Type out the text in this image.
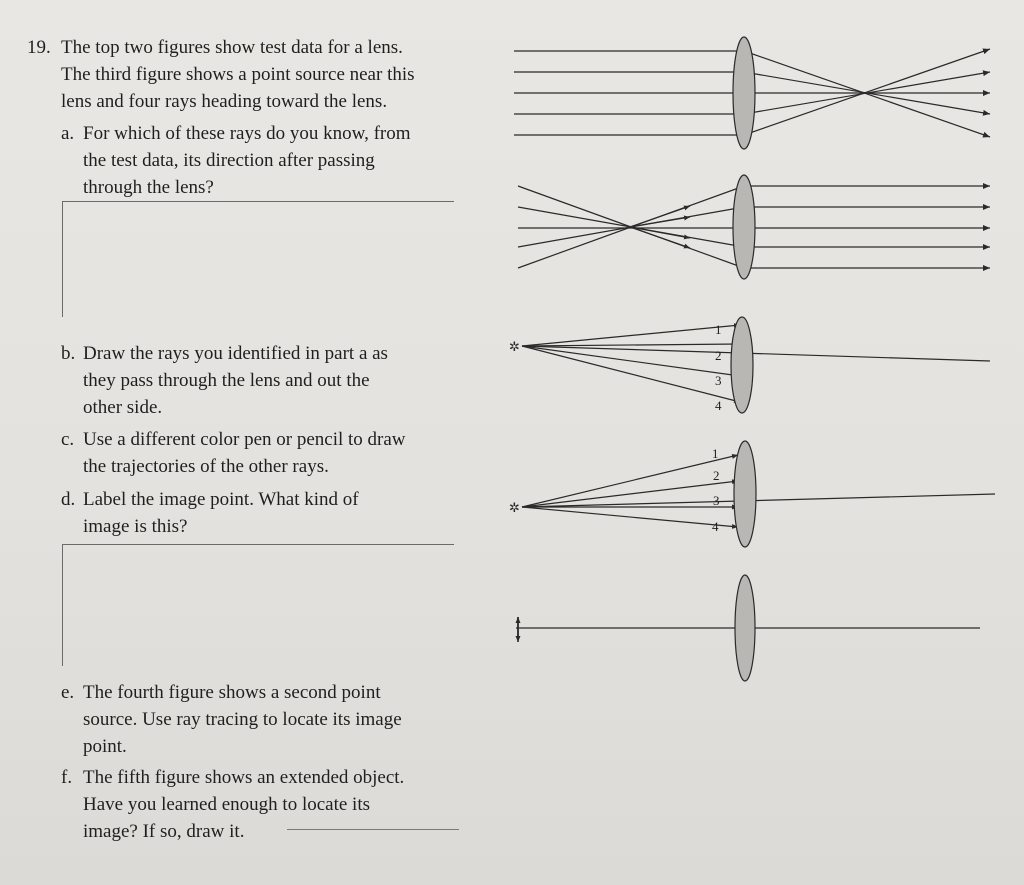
19. The top two figures show test data for a lens.
The third figure shows a point source near this
lens and four rays heading toward the lens.
a. For which of these rays do you know, from
the test data, its direction after passing
through the lens?
b. Draw the rays you identified in part a as
they pass through the lens and out the
other side.
c. Use a different color pen or pencil to draw
the trajectories of the other rays.
d. Label the image point. What kind of
image is this?
e. The fourth figure shows a second point
source. Use ray tracing to locate its image
point.
f. The fifth figure shows an extended object.
Have you learned enough to locate its
image? If so, draw it.
✲
1
2
3
4
✲
1
2
3
4
